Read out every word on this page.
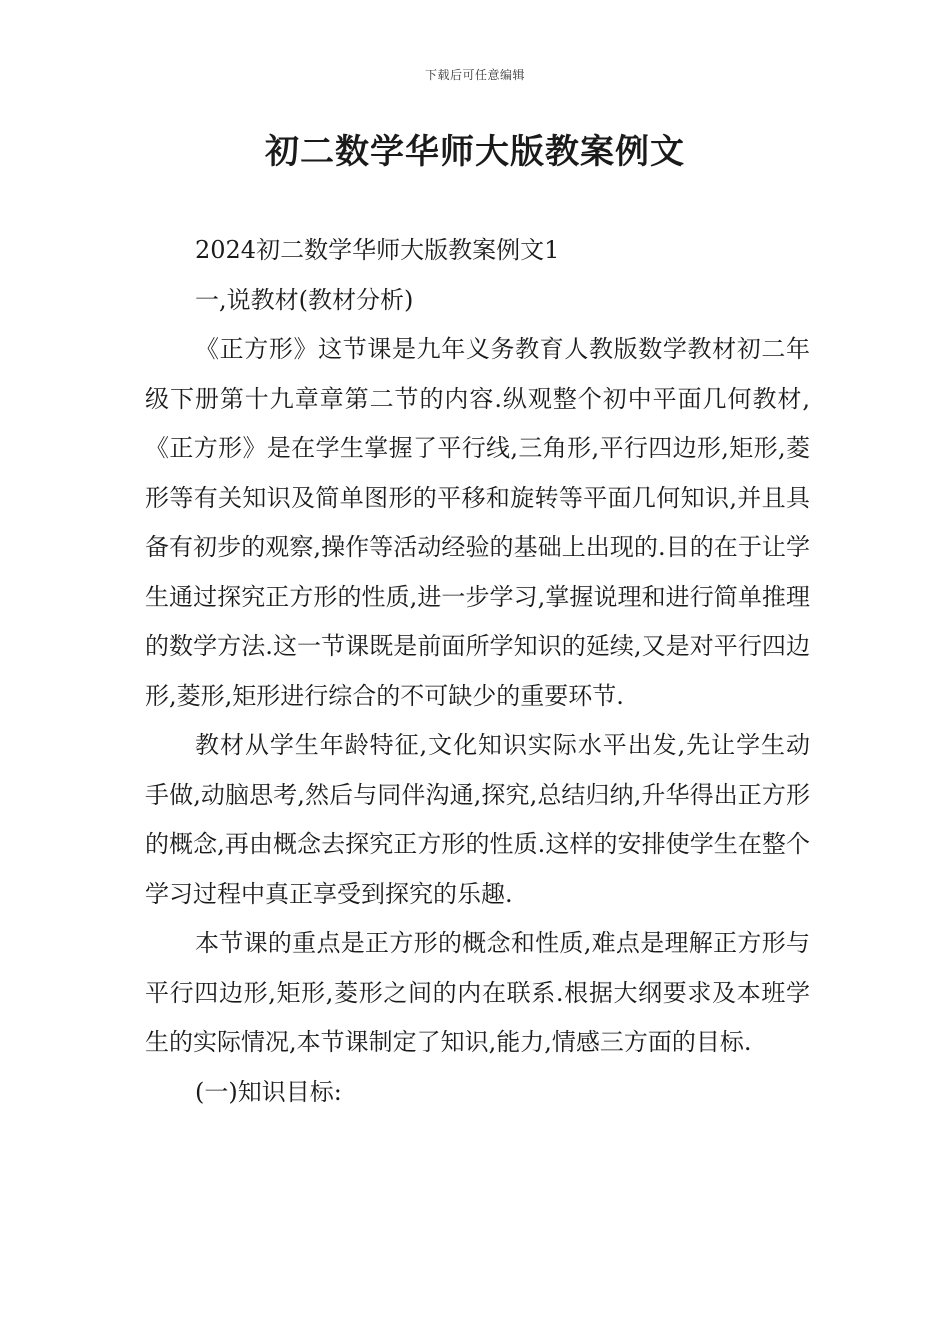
下载后可任意编辑
初二数学华师大版教案例文

2024初二数学华师大版教案例文1

一,说教材(教材分析)

《正方形》这节课是九年义务教育人教版数学教材初二年级下册第十九章章第二节的内容.纵观整个初中平面几何教材,《正方形》是在学生掌握了平行线,三角形,平行四边形,矩形,菱形等有关知识及简单图形的平移和旋转等平面几何知识,并且具备有初步的观察,操作等活动经验的基础上出现的.目的在于让学生通过探究正方形的性质,进一步学习,掌握说理和进行简单推理的数学方法.这一节课既是前面所学知识的延续,又是对平行四边形,菱形,矩形进行综合的不可缺少的重要环节.

教材从学生年龄特征,文化知识实际水平出发,先让学生动手做,动脑思考,然后与同伴沟通,探究,总结归纳,升华得出正方形的概念,再由概念去探究正方形的性质.这样的安排使学生在整个学习过程中真正享受到探究的乐趣.

本节课的重点是正方形的概念和性质,难点是理解正方形与平行四边形,矩形,菱形之间的内在联系.根据大纲要求及本班学生的实际情况,本节课制定了知识,能力,情感三方面的目标.

(一)知识目标:
